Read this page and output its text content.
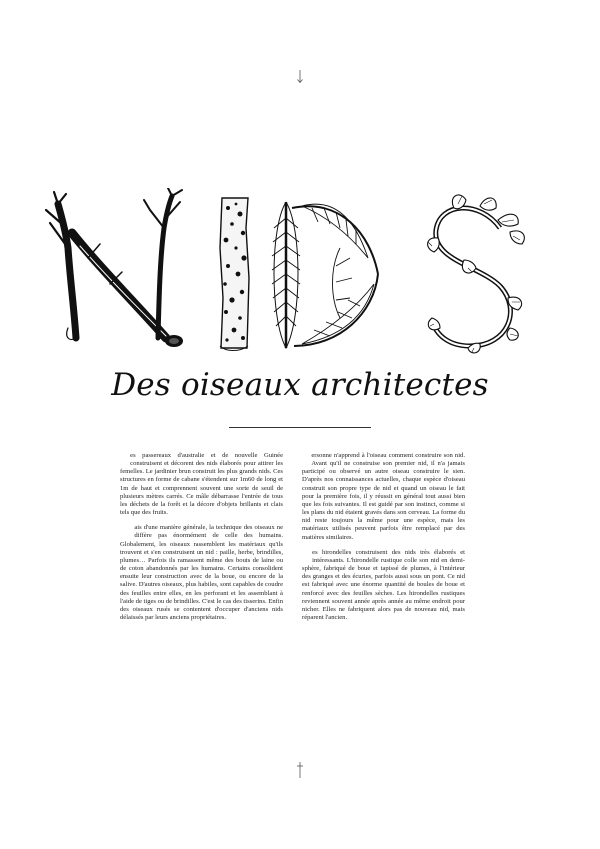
Des oiseaux architectes

Les passereaux d'australie et de nouvelle Guinée construisent et décorent des nids élaborés pour attirer les femelles. Le jardinier brun construit les plus grands nids. Ces structures en forme de cabane s'étendent sur 1m60 de long et 1m de haut et comprennent souvent une sorte de seuil de plusieurs mètres carrés. Ce mâle débarrasse l'entrée de tous les déchets de la forêt et la décore d'objets brillants et clais tels que des fruits.

Mais d'une manière générale, la technique des oiseaux ne diffère pas énormément de celle des humains. Globalement, les oiseaux rassemblent les matériaux qu'ils trouvent et s'en construisent un nid : paille, herbe, brindilles, plumes… Parfois ils ramassent même des bouts de laine ou de coton abandonnés par les humains. Certains consolident ensuite leur construction avec de la boue, ou encore de la salive. D'autres oiseaux, plus habiles, sont capables de coudre des feuilles entre elles, en les perforant et les assemblant à l'aide de tiges ou de brindilles. C'est le cas des tisserins. Enfin des oiseaux rusés se contentent d'occuper d'anciens nids délaissés par leurs anciens propriétaires.

Personne n'apprend à l'oiseau comment construire son nid. Avant qu'il ne construise son premier nid, il n'a jamais participé ou observé un autre oiseau construire le sien. D'après nos connaissances actuelles, chaque espèce d'oiseau construit son propre type de nid et quand un oiseau le fait pour la première fois, il y réussit en général tout aussi bien que les fois suivantes. Il est guidé par son instinct, comme si les plans du nid étaient gravés dans son cerveau. La forme du nid reste toujours la même pour une espèce, mais les matériaux utilisés peuvent parfois être remplacé par des matières similaires.

Les hirondelles construisent des nids très élaborés et intéressants. L'hirondelle rustique colle son nid en demi-sphère, fabriqué de boue et tapissé de plumes, à l'intérieur des granges et des écuries, parfois aussi sous un pont. Ce nid est fabriqué avec une énorme quantité de boules de boue et renforcé avec des feuilles sèches. Les hirondelles rustiques reviennent souvent année après année au même endroit pour nicher. Elles ne fabriquent alors pas de nouveau nid, mais réparent l'ancien.
